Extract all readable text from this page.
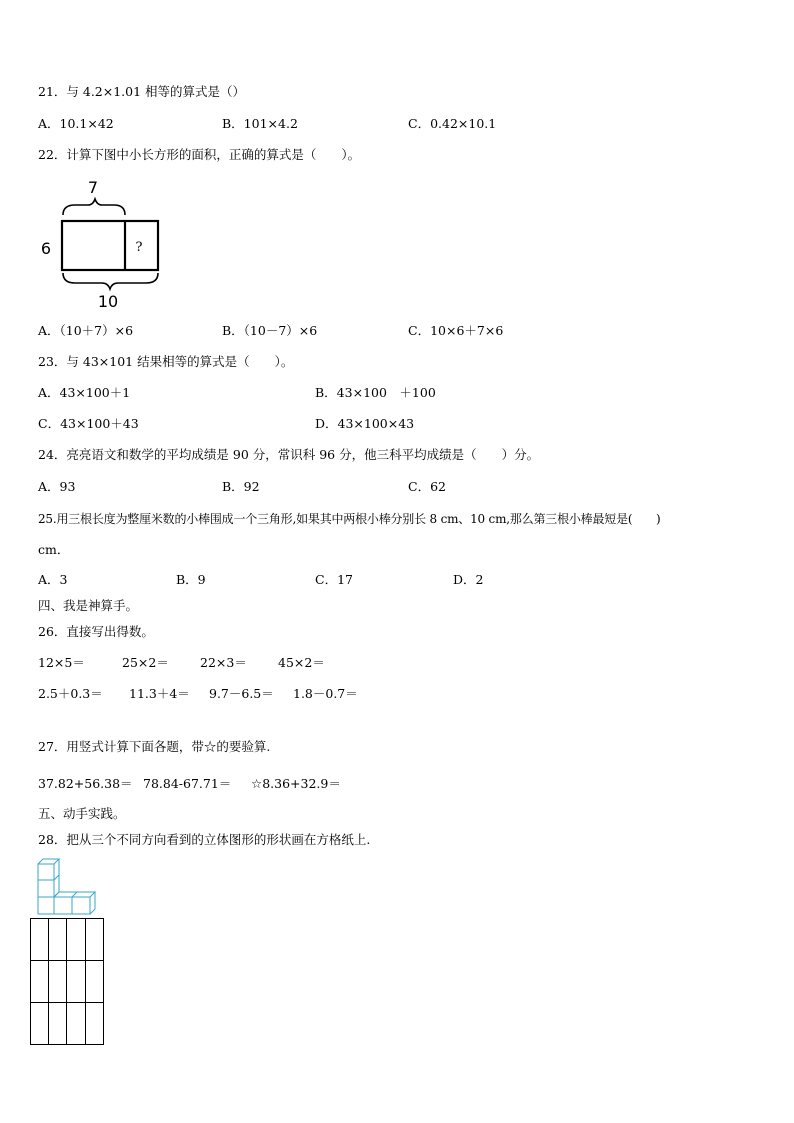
21．与 4.2×1.01 相等的算式是（）
A．10.1×42	B．101×4.2	C．0.42×10.1
22．计算下图中小长方形的面积，正确的算式是（　　）。
7
?
6
10
A．（10＋7）×6	B．（10－7）×6	C．10×6＋7×6
23．与 43×101 结果相等的算式是（　　）。
A．43×100＋1	B．43×100　＋100
C．43×100＋43	D．43×100×43
24．亮亮语文和数学的平均成绩是 90 分，常识科 96 分，他三科平均成绩是（　　）分。
A．93	B．92	C．62
25.用三根长度为整厘米数的小棒围成一个三角形,如果其中两根小棒分别长 8 cm、10 cm,那么第三根小棒最短是(　　)
cm．
A．3	B．9	C．17	D．2
四、我是神算手。
26．直接写出得数。
12×5＝	25×2＝ 22×3＝ 45×2＝
2.5＋0.3＝ 11.3＋4＝ 9.7－6.5＝ 1.8－0.7＝
27．用竖式计算下面各题，带☆的要验算.
37.82+56.38＝ 78.84-67.71＝ ☆8.36+32.9＝
五、动手实践。
28．把从三个不同方向看到的立体图形的形状画在方格纸上.
